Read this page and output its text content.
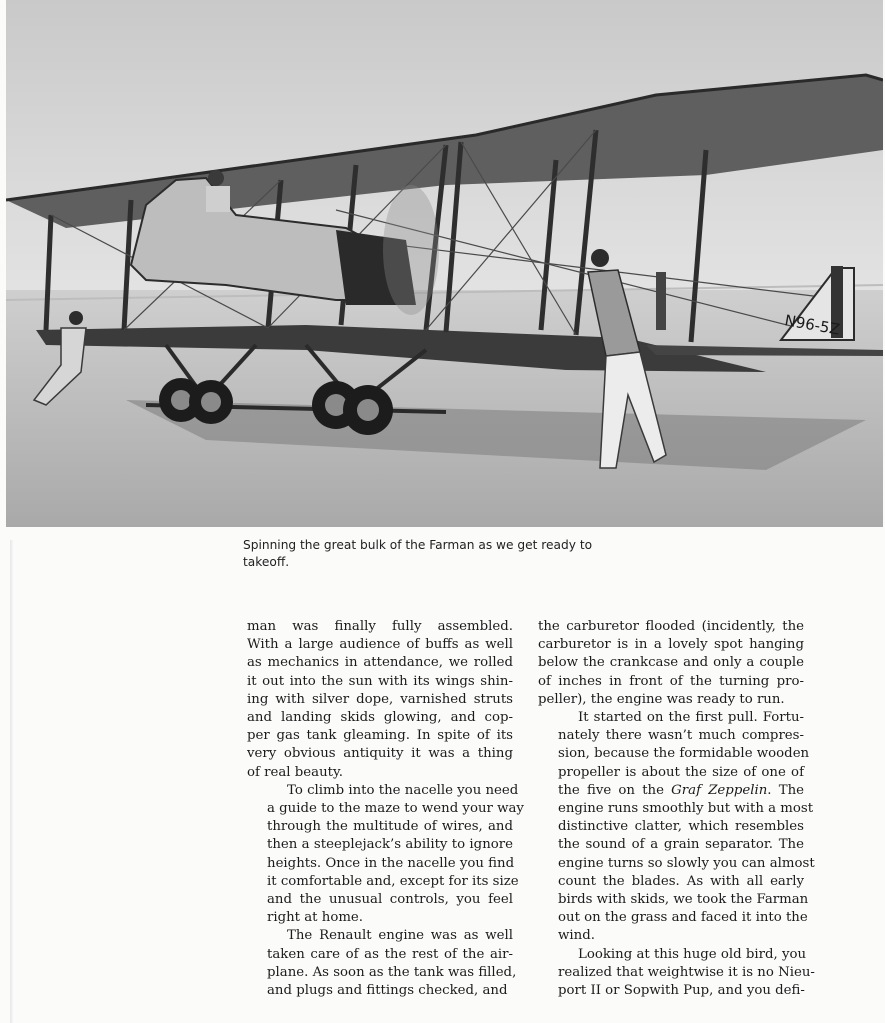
N96-5Z
Spinning the great bulk of the Farman as we get ready to takeoff.

man was finally fully assembled.
With a large audience of buffs as well
as mechanics in attendance, we rolled
it out into the sun with its wings shin-
ing with silver dope, varnished struts
and landing skids glowing, and cop-
per gas tank gleaming. In spite of its
very obvious antiquity it was a thing
of real beauty.

To climb into the nacelle you need
a guide to the maze to wend your way
through the multitude of wires, and
then a steeplejack’s ability to ignore
heights. Once in the nacelle you find
it comfortable and, except for its size
and the unusual controls, you feel
right at home.

The Renault engine was as well
taken care of as the rest of the air-
plane. As soon as the tank was filled,
and plugs and fittings checked, and

the carburetor flooded (incidently, the
carburetor is in a lovely spot hanging
below the crankcase and only a couple
of inches in front of the turning pro-
peller), the engine was ready to run.

It started on the first pull. Fortu-
nately there wasn’t much compres-
sion, because the formidable wooden
propeller is about the size of one of
the five on the Graf Zeppelin. The
engine runs smoothly but with a most
distinctive clatter, which resembles
the sound of a grain separator. The
engine turns so slowly you can almost
count the blades. As with all early
birds with skids, we took the Farman
out on the grass and faced it into the
wind.

Looking at this huge old bird, you
realized that weightwise it is no Nieu-
port II or Sopwith Pup, and you defi-
